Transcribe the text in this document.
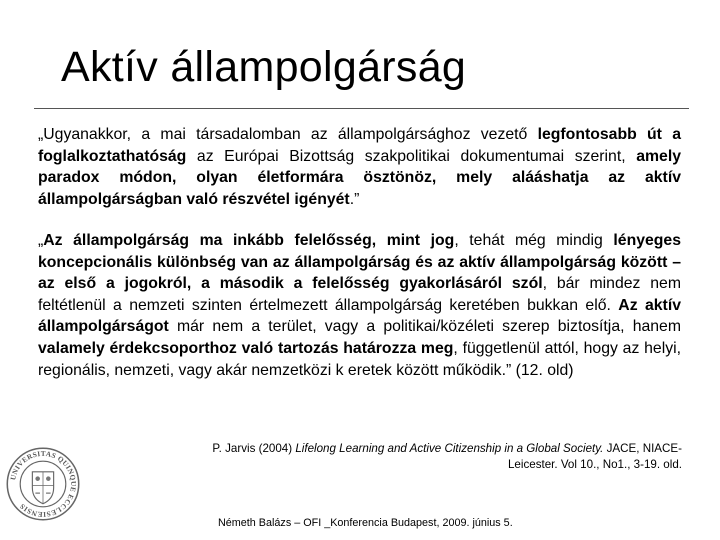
Aktív állampolgárság

„Ugyanakkor, a mai társadalomban az állampolgársághoz vezető legfontosabb út a foglalkoztathatóság az Európai Bizottság szakpolitikai dokumentumai szerint, amely paradox módon, olyan életformára ösztönöz, mely alááshatja az aktív állampolgárságban való részvétel igényét.”

„Az állampolgárság ma inkább felelősség, mint jog, tehát még mindig lényeges koncepcionális különbség van az állampolgárság és az aktív állampolgárság között – az első a jogokról, a második a felelősség gyakorlásáról szól, bár mindez nem feltétlenül a nemzeti szinten értelmezett állampolgárság keretében bukkan elő. Az aktív állampolgárságot már nem a terület, vagy a politikai/közéleti szerep biztosítja, hanem valamely érdekcsoporthoz való tartozás határozza meg, függetlenül attól, hogy az helyi, regionális, nemzeti, vagy akár nemzetközi k eretek között működik.” (12. old)

UNIVERSITAS QUINQUE ECCLESIENSIS

P. Jarvis (2004) Lifelong Learning and Active Citizenship in a Global Society. JACE, NIACE-Leicester. Vol 10., No1., 3-19. old.

Németh Balázs – OFI _Konferencia Budapest, 2009. június 5.
